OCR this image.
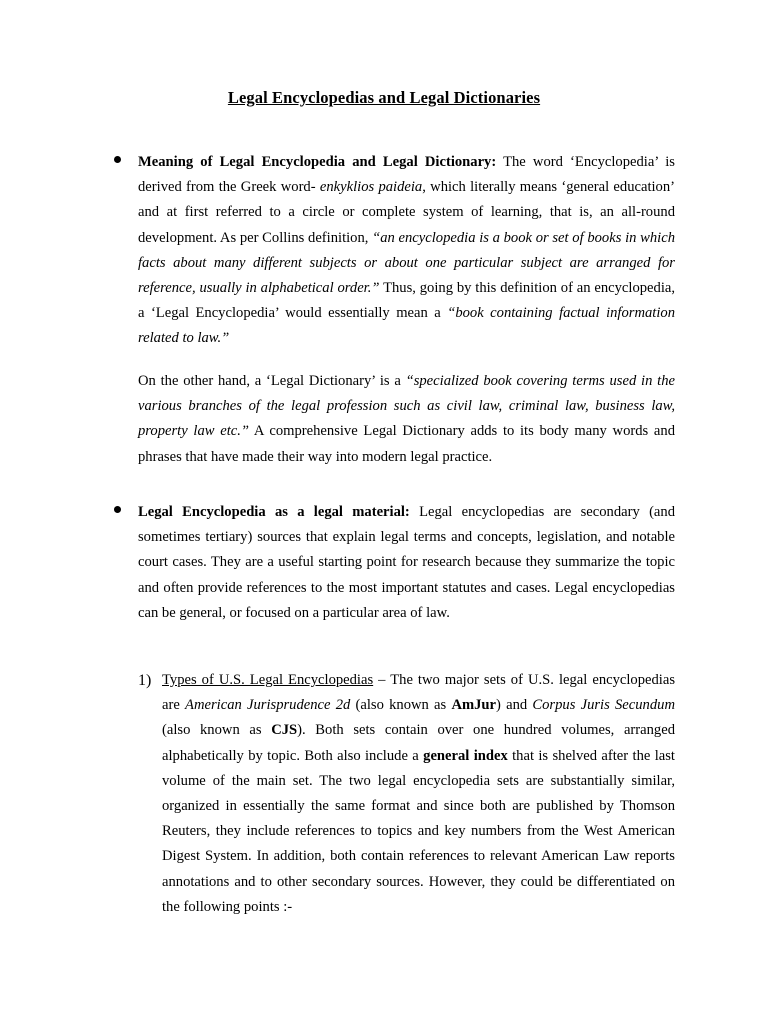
Legal Encyclopedias and Legal Dictionaries

Meaning of Legal Encyclopedia and Legal Dictionary: The word ‘Encyclopedia’ is derived from the Greek word- enkyklios paideia, which literally means ‘general education’ and at first referred to a circle or complete system of learning, that is, an all-round development. As per Collins definition, “an encyclopedia is a book or set of books in which facts about many different subjects or about one particular subject are arranged for reference, usually in alphabetical order.” Thus, going by this definition of an encyclopedia, a ‘Legal Encyclopedia’ would essentially mean a “book containing factual information related to law.”

On the other hand, a ‘Legal Dictionary’ is a “specialized book covering terms used in the various branches of the legal profession such as civil law, criminal law, business law, property law etc.” A comprehensive Legal Dictionary adds to its body many words and phrases that have made their way into modern legal practice.

Legal Encyclopedia as a legal material: Legal encyclopedias are secondary (and sometimes tertiary) sources that explain legal terms and concepts, legislation, and notable court cases. They are a useful starting point for research because they summarize the topic and often provide references to the most important statutes and cases. Legal encyclopedias can be general, or focused on a particular area of law.

1) Types of U.S. Legal Encyclopedias – The two major sets of U.S. legal encyclopedias are American Jurisprudence 2d (also known as AmJur) and Corpus Juris Secundum (also known as CJS). Both sets contain over one hundred volumes, arranged alphabetically by topic. Both also include a general index that is shelved after the last volume of the main set. The two legal encyclopedia sets are substantially similar, organized in essentially the same format and since both are published by Thomson Reuters, they include references to topics and key numbers from the West American Digest System. In addition, both contain references to relevant American Law reports annotations and to other secondary sources. However, they could be differentiated on the following points :-
